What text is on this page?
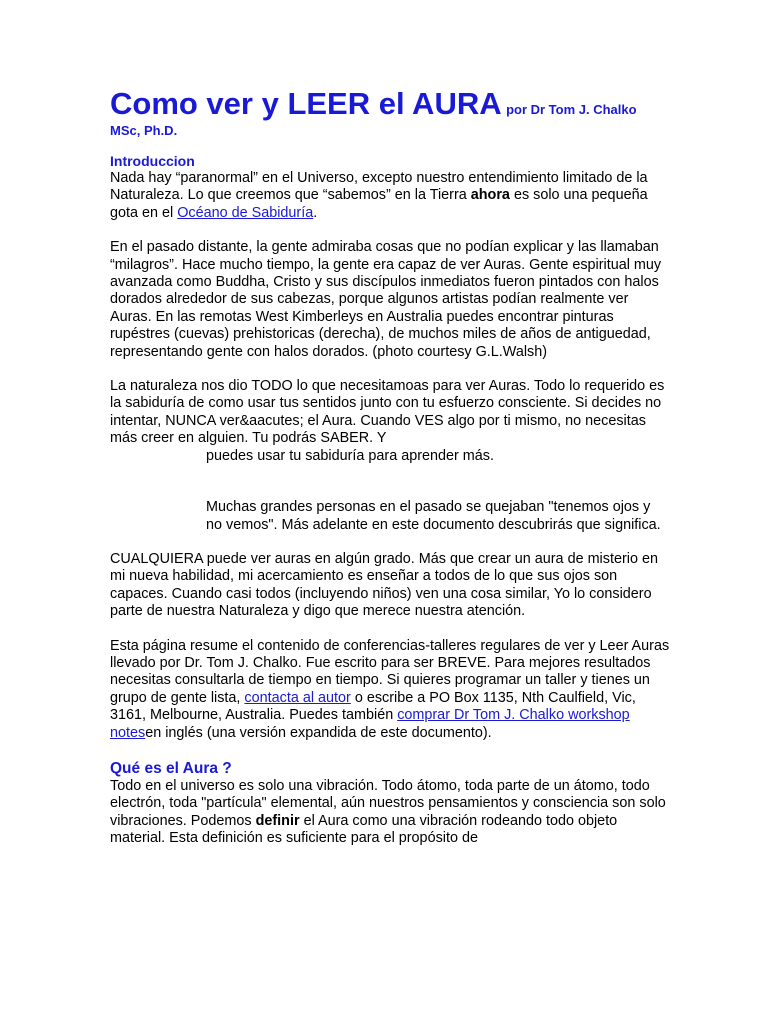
Como ver y LEER el AURA por Dr Tom J. Chalko
MSc, Ph.D.
Introduccion

Nada hay “paranormal” en el Universo, excepto nuestro entendimiento limitado de la Naturaleza. Lo que creemos que “sabemos” en la Tierra ahora es solo una pequeña gota en el Océano de Sabiduría.

En el pasado distante, la gente admiraba cosas que no podían explicar y las llamaban “milagros”. Hace mucho tiempo, la gente era capaz de ver Auras. Gente espiritual muy avanzada como Buddha, Cristo y sus discípulos inmediatos fueron pintados con halos dorados alrededor de sus cabezas, porque algunos artistas podían realmente ver Auras. En las remotas West Kimberleys en Australia puedes encontrar pinturas rupéstres (cuevas) prehistoricas (derecha), de muchos miles de años de antiguedad, representando gente con halos dorados. (photo courtesy G.L.Walsh)

La naturaleza nos dio TODO lo que necesitamoas para ver Auras. Todo lo requerido es la sabiduría de como usar tus sentidos junto con tu esfuerzo consciente. Si decides no intentar, NUNCA ver&aacutes; el Aura. Cuando VES algo por ti mismo, no necesitas más creer en alguien. Tu podrás SABER. Y

puedes usar tu sabiduría para aprender más.

Muchas grandes personas en el pasado se quejaban "tenemos ojos y no vemos". Más adelante en este documento descubrirás que significa.

CUALQUIERA puede ver auras en algún grado. Más que crear un aura de misterio en mi nueva habilidad, mi acercamiento es enseñar a todos de lo que sus ojos son capaces. Cuando casi todos (incluyendo niños) ven una cosa similar, Yo lo considero parte de nuestra Naturaleza y digo que merece nuestra atención.

Esta página resume el contenido de conferencias-talleres regulares de ver y Leer Auras llevado por Dr. Tom J. Chalko. Fue escrito para ser BREVE. Para mejores resultados necesitas consultarla de tiempo en tiempo. Si quieres programar un taller y tienes un grupo de gente lista, contacta al autor o escribe a PO Box 1135, Nth Caulfield, Vic, 3161, Melbourne, Australia. Puedes también comprar Dr Tom J. Chalko workshop notesen inglés (una versión expandida de este documento).

Qué es el Aura ?

Todo en el universo es solo una vibración. Todo átomo, toda parte de un átomo, todo electrón, toda "partícula" elemental, aún nuestros pensamientos y consciencia son solo vibraciones. Podemos definir el Aura como una vibración rodeando todo objeto material. Esta definición es suficiente para el propósito de
